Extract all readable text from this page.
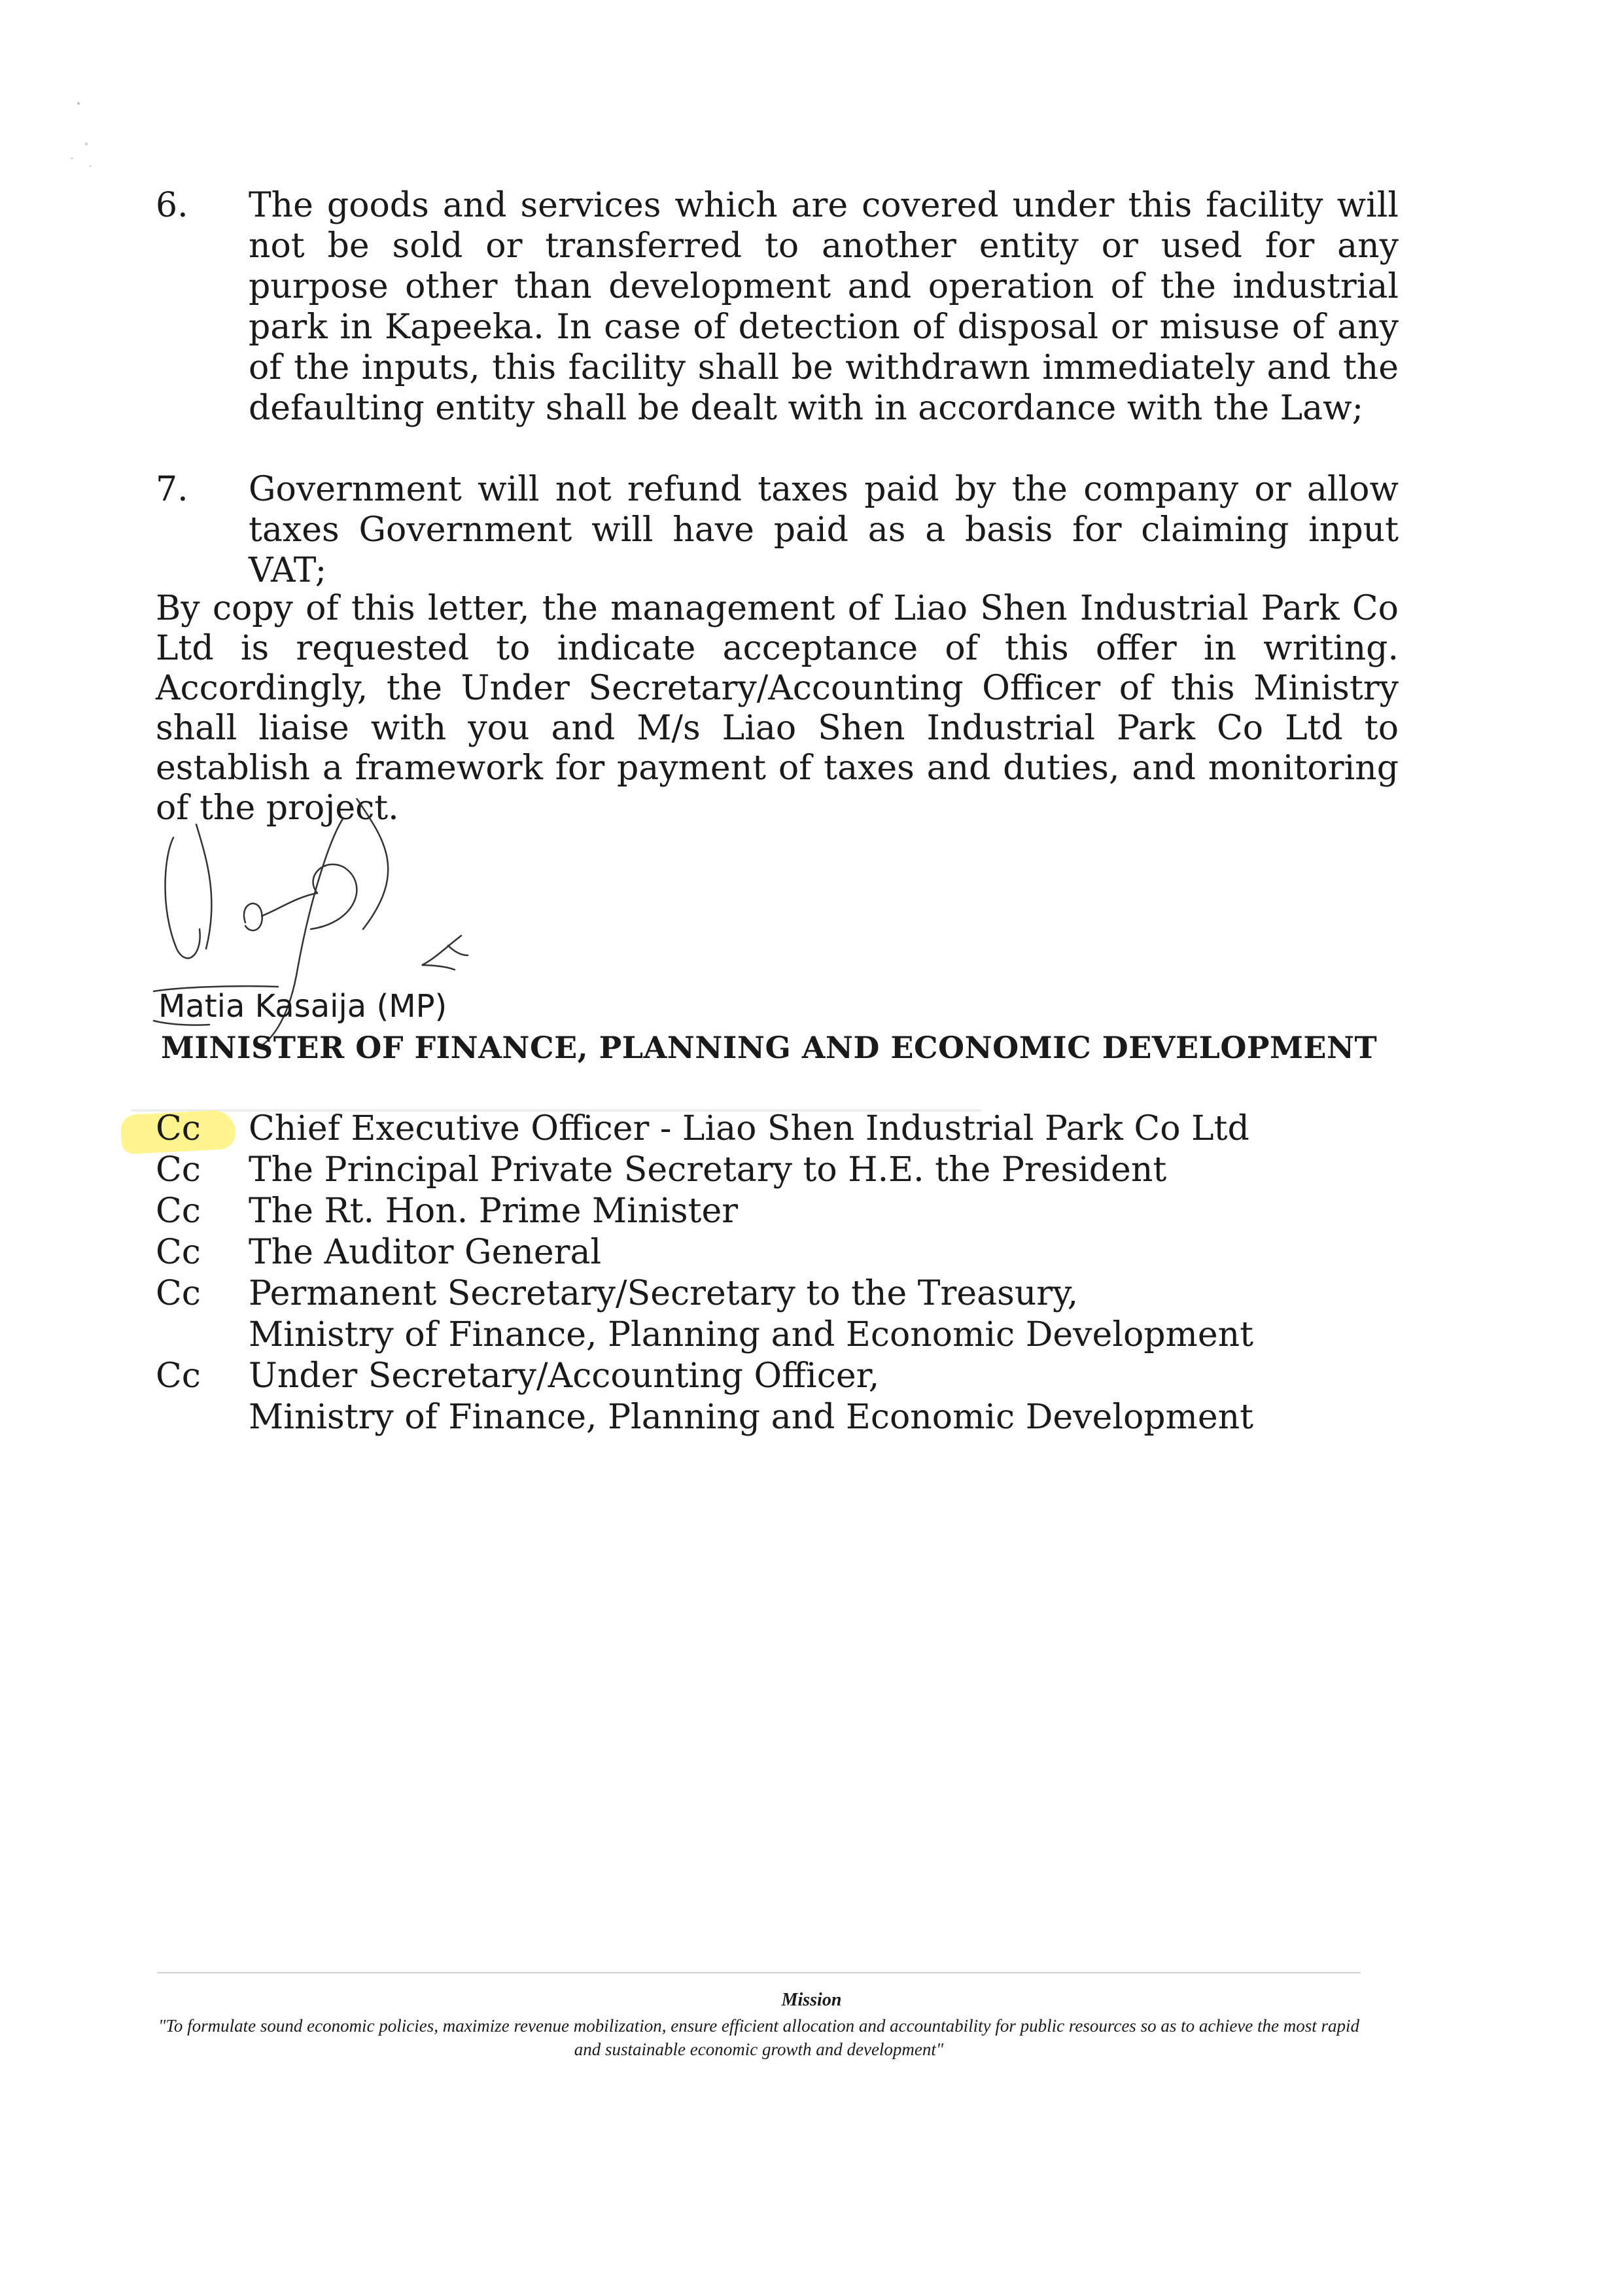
6.	The goods and services which are covered under this facility will not be sold or transferred to another entity or used for any purpose other than development and operation of the industrial park in Kapeeka. In case of detection of disposal or misuse of any of the inputs, this facility shall be withdrawn immediately and the defaulting entity shall be dealt with in accordance with the Law;
7.	Government will not refund taxes paid by the company or allow taxes Government will have paid as a basis for claiming input VAT;
By copy of this letter, the management of Liao Shen Industrial Park Co Ltd is requested to indicate acceptance of this offer in writing. Accordingly, the Under Secretary/Accounting Officer of this Ministry shall liaise with you and M/s Liao Shen Industrial Park Co Ltd to establish a framework for payment of taxes and duties, and monitoring of the project.
Matia Kasaija (MP)
MINISTER OF FINANCE, PLANNING AND ECONOMIC DEVELOPMENT
Cc Chief Executive Officer - Liao Shen Industrial Park Co Ltd
Cc The Principal Private Secretary to H.E. the President
Cc The Rt. Hon. Prime Minister
Cc The Auditor General
Cc Permanent Secretary/Secretary to the Treasury,
Ministry of Finance, Planning and Economic Development
Cc Under Secretary/Accounting Officer,
Ministry of Finance, Planning and Economic Development
Mission
"To formulate sound economic policies, maximize revenue mobilization, ensure efficient allocation and accountability for public resources so as to achieve the most rapid and sustainable economic growth and development"
